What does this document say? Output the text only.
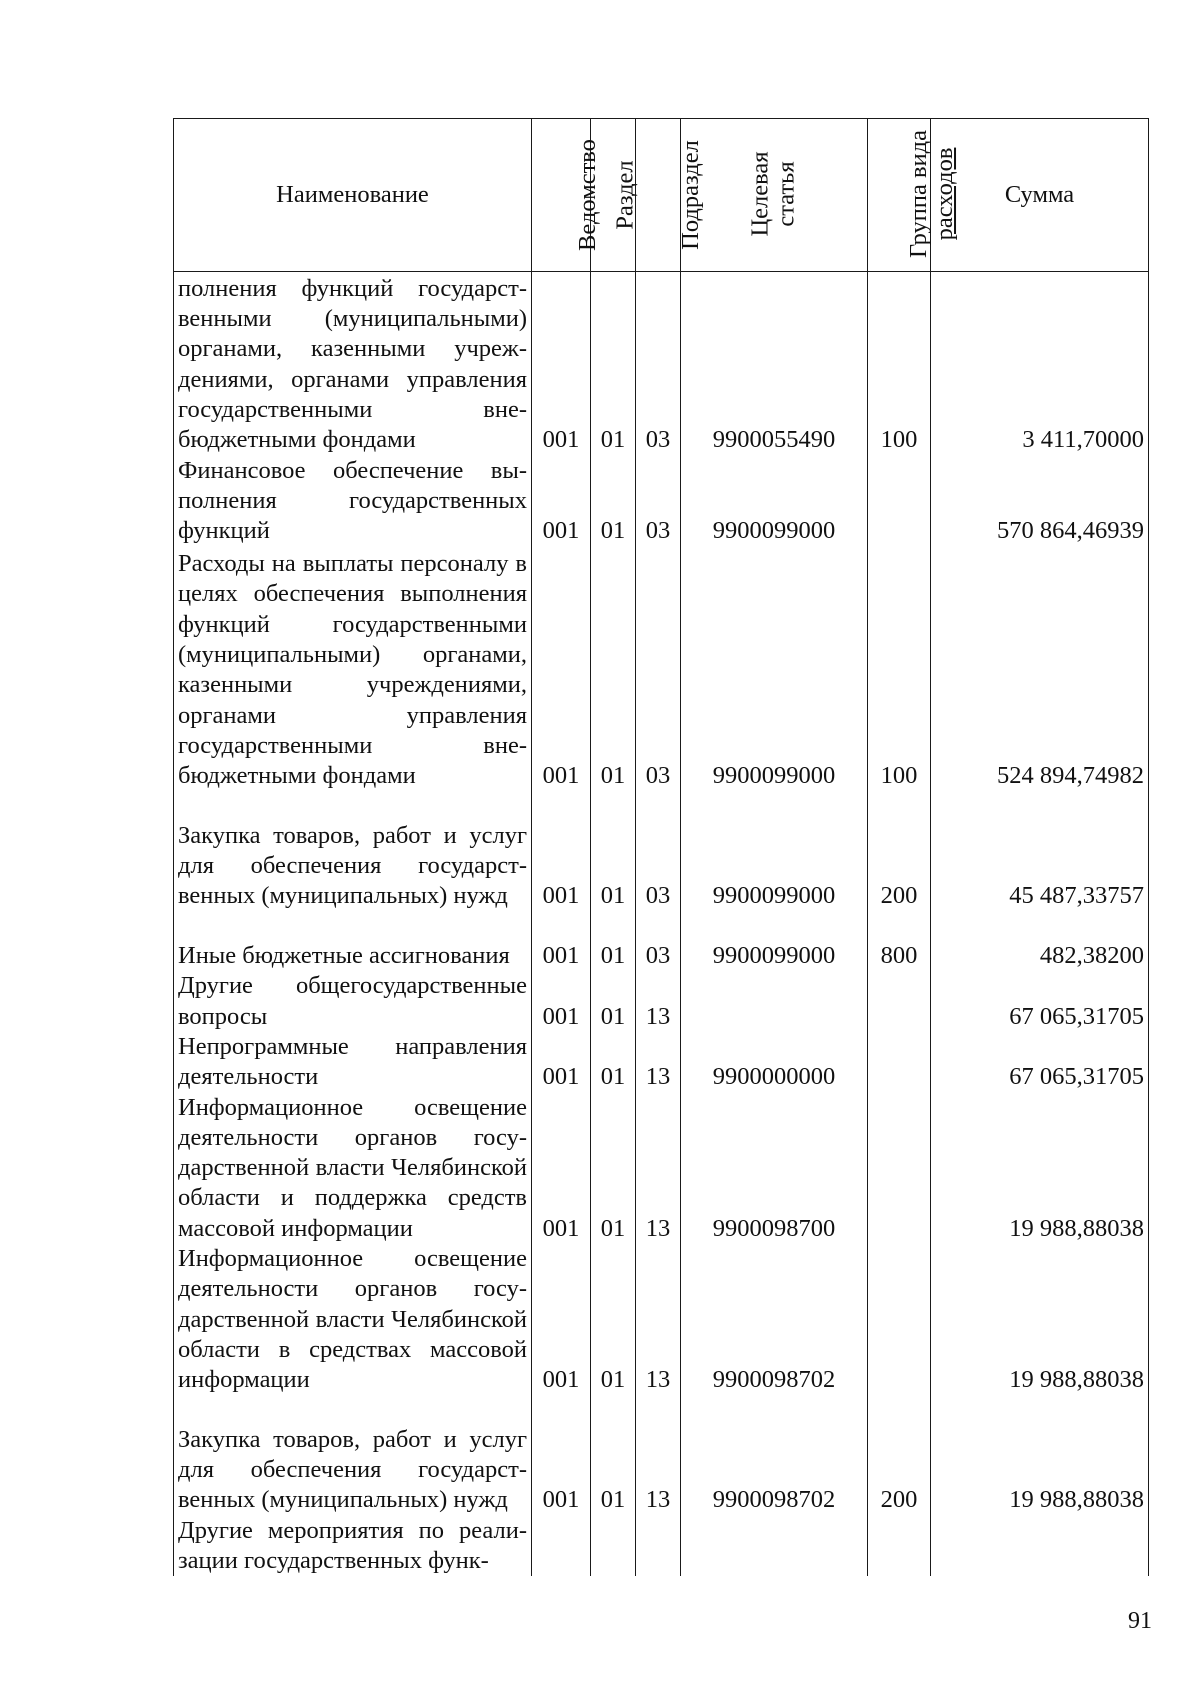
Наименование	Ведомство	Раздел	Подраздел	Целевая статья	Группа вида расходов	Сумма
полнения функций государственными (муниципальными) органами, казенными учреждениями, органами управления государственными внебюджетными фондами	001	01	03	9900055490	100	3 411,70000
Финансовое обеспечение выполнения государственных функций	001	01	03	9900099000		570 864,46939
Расходы на выплаты персоналу в целях обеспечения выполнения функций государственными (муниципальными) органами, казенными учреждениями, органами управления государственными внебюджетными фондами	001	01	03	9900099000	100	524 894,74982
Закупка товаров, работ и услуг для обеспечения государственных (муниципальных) нужд	001	01	03	9900099000	200	45 487,33757
Иные бюджетные ассигнования	001	01	03	9900099000	800	482,38200
Другие общегосударственные вопросы	001	01	13			67 065,31705
Непрограммные направления деятельности	001	01	13	9900000000		67 065,31705
Информационное освещение деятельности органов государственной власти Челябинской области и поддержка средств массовой информации	001	01	13	9900098700		19 988,88038
Информационное освещение деятельности органов государственной власти Челябинской области в средствах массовой информации	001	01	13	9900098702		19 988,88038
Закупка товаров, работ и услуг для обеспечения государственных (муниципальных) нужд	001	01	13	9900098702	200	19 988,88038
Другие мероприятия по реализации государственных функ-						
91
